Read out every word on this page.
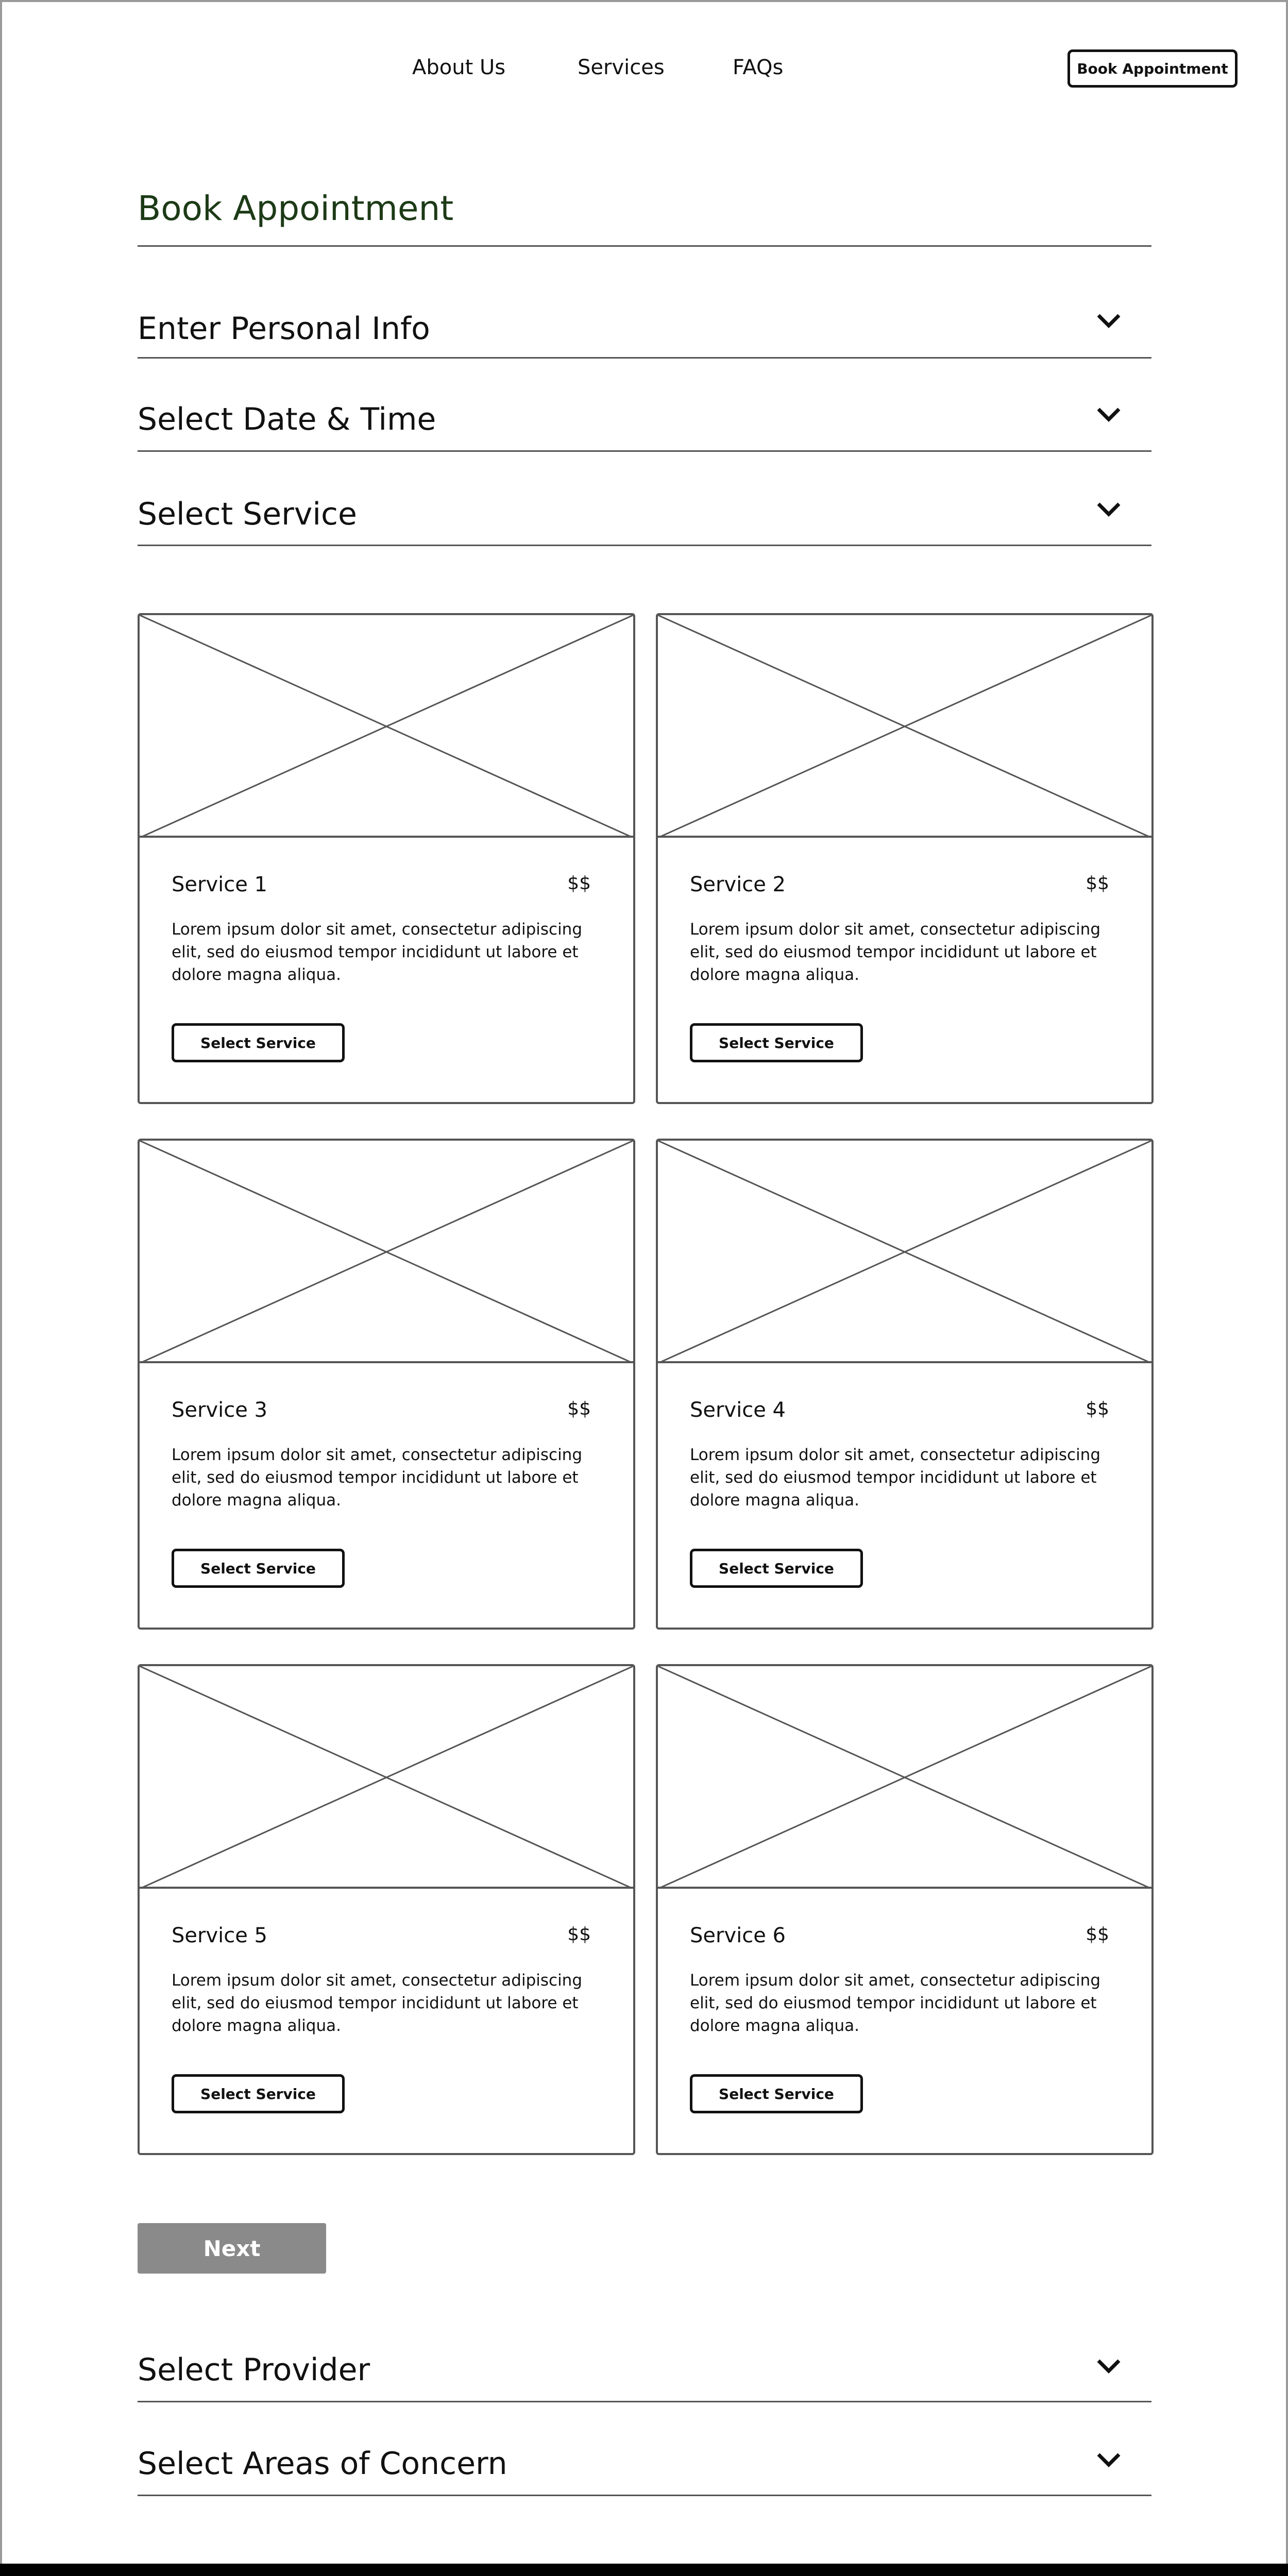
About Us	Services	FAQs	Book Appointment
Book Appointment
Enter Personal Info
Select Date & Time
Select Service
Service 1	$$
Lorem ipsum dolor sit amet, consectetur adipiscing elit, sed do eiusmod tempor incididunt ut labore et dolore magna aliqua.
Select Service
Service 2	$$
Lorem ipsum dolor sit amet, consectetur adipiscing elit, sed do eiusmod tempor incididunt ut labore et dolore magna aliqua.
Select Service
Service 3	$$
Lorem ipsum dolor sit amet, consectetur adipiscing elit, sed do eiusmod tempor incididunt ut labore et dolore magna aliqua.
Select Service
Service 4	$$
Lorem ipsum dolor sit amet, consectetur adipiscing elit, sed do eiusmod tempor incididunt ut labore et dolore magna aliqua.
Select Service
Service 5	$$
Lorem ipsum dolor sit amet, consectetur adipiscing elit, sed do eiusmod tempor incididunt ut labore et dolore magna aliqua.
Select Service
Service 6	$$
Lorem ipsum dolor sit amet, consectetur adipiscing elit, sed do eiusmod tempor incididunt ut labore et dolore magna aliqua.
Select Service
Next
Select Provider
Select Areas of Concern
